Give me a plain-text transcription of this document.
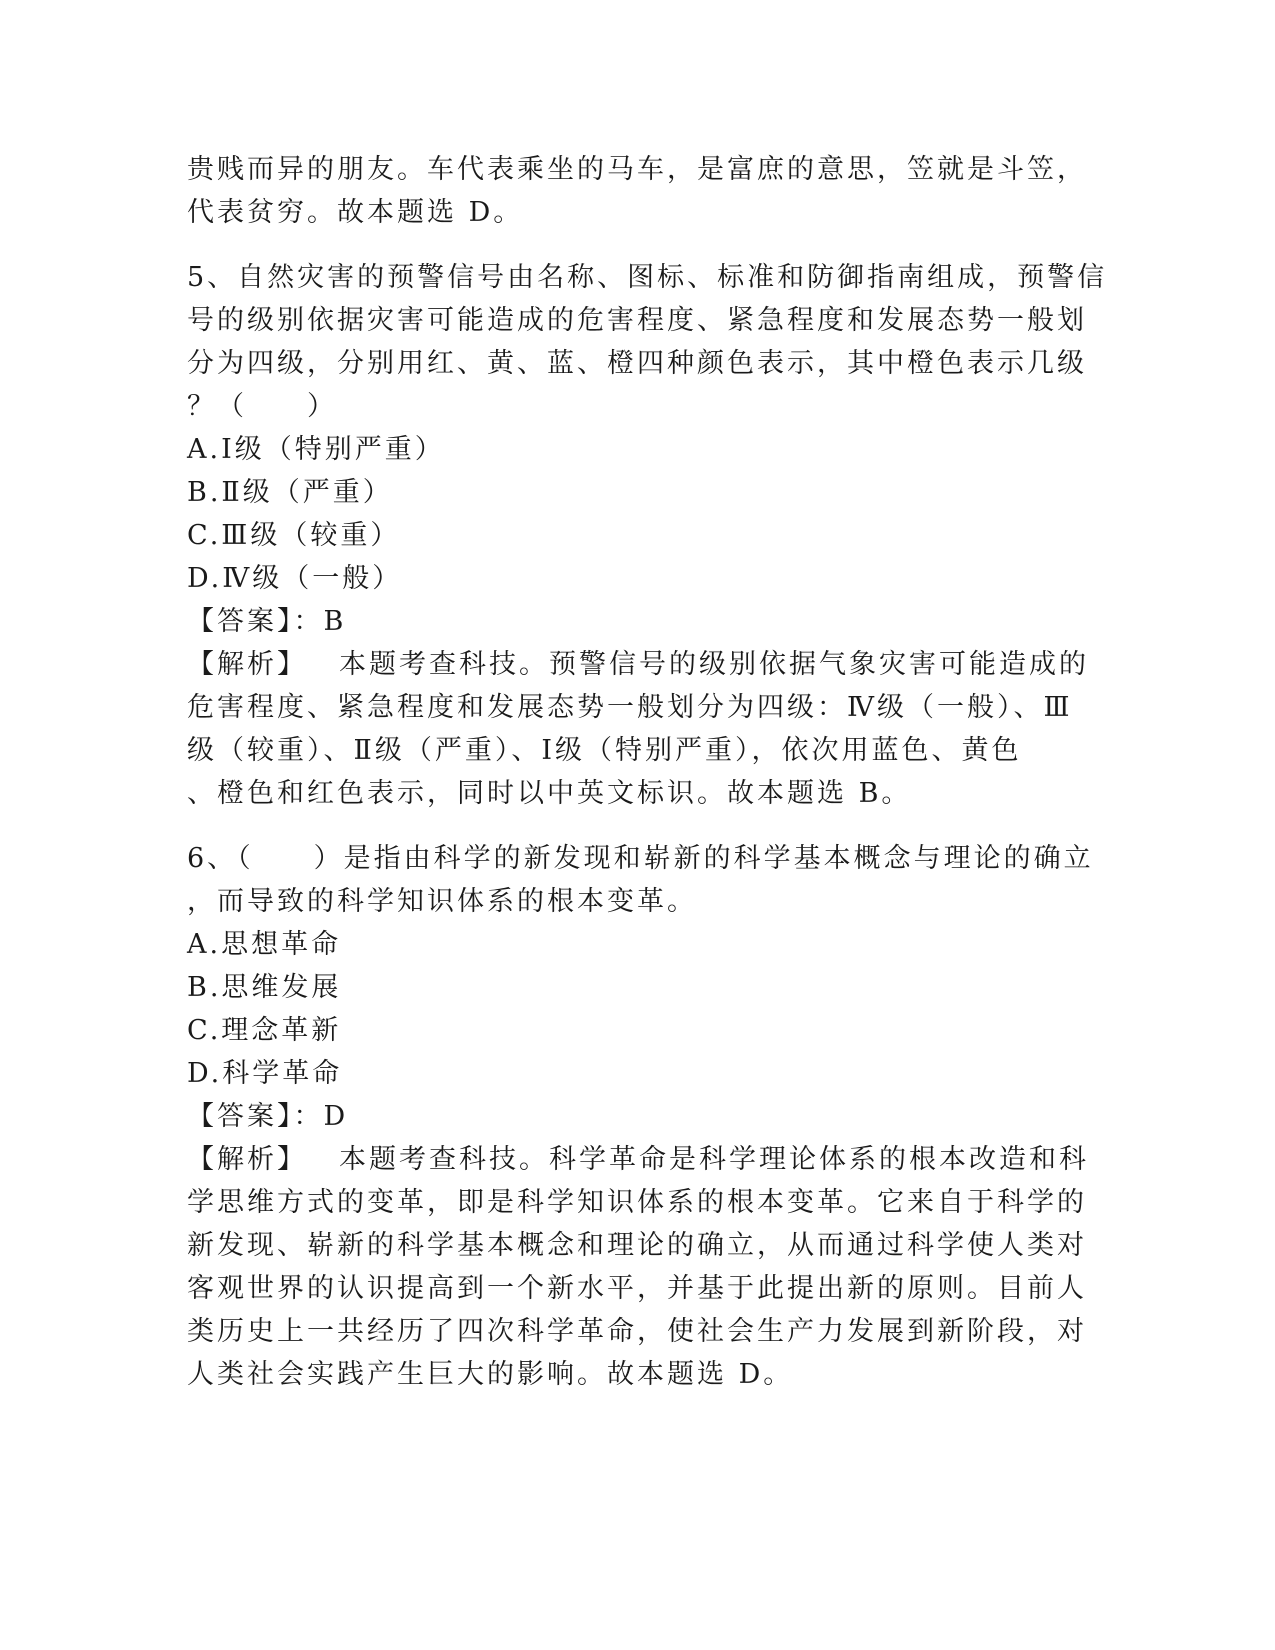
贵贱而异的朋友。车代表乘坐的马车，是富庶的意思，笠就是斗笠，
代表贫穷。故本题选 D。
5、自然灾害的预警信号由名称、图标、标准和防御指南组成，预警信
号的级别依据灾害可能造成的危害程度、紧急程度和发展态势一般划
分为四级，分别用红、黄、蓝、橙四种颜色表示，其中橙色表示几级
？（　　）
A.Ⅰ级（特别严重）
B.Ⅱ级（严重）
C.Ⅲ级（较重）
D.Ⅳ级（一般）
【答案】：B
【解析】 本题考查科技。预警信号的级别依据气象灾害可能造成的
危害程度、紧急程度和发展态势一般划分为四级：Ⅳ级（一般）、Ⅲ
级（较重）、Ⅱ级（严重）、Ⅰ级（特别严重），依次用蓝色、黄色
、橙色和红色表示，同时以中英文标识。故本题选 B。
6、（　　）是指由科学的新发现和崭新的科学基本概念与理论的确立
，而导致的科学知识体系的根本变革。
A.思想革命
B.思维发展
C.理念革新
D.科学革命
【答案】：D
【解析】 本题考查科技。科学革命是科学理论体系的根本改造和科
学思维方式的变革，即是科学知识体系的根本变革。它来自于科学的
新发现、崭新的科学基本概念和理论的确立，从而通过科学使人类对
客观世界的认识提高到一个新水平，并基于此提出新的原则。目前人
类历史上一共经历了四次科学革命，使社会生产力发展到新阶段，对
人类社会实践产生巨大的影响。故本题选 D。
